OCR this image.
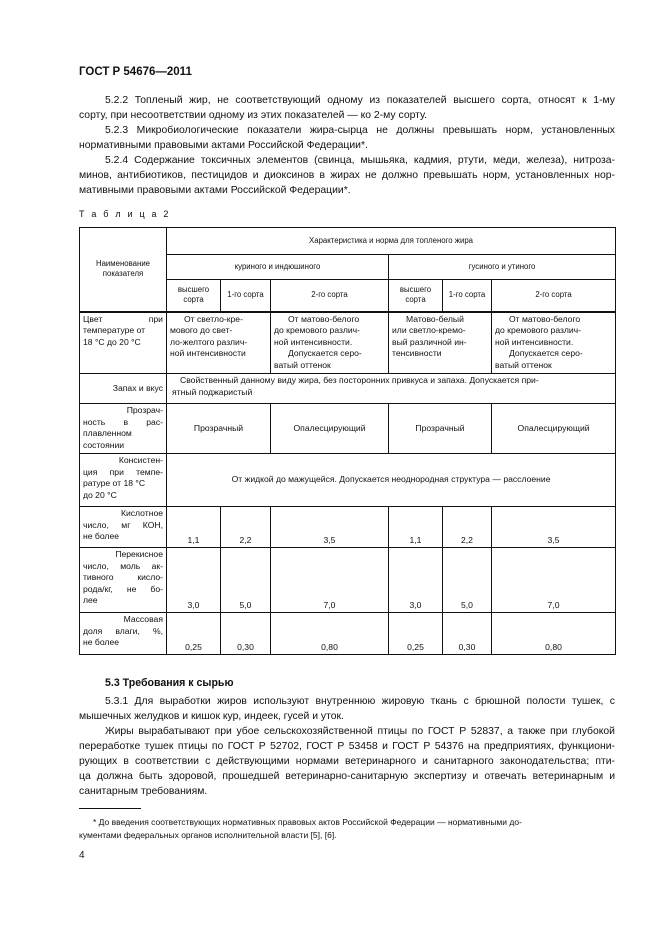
ГОСТ Р 54676—2011
5.2.2 Топленый жир, не соответствующий одному из показателей высшего сорта, относят к 1-му
сорту, при несоответствии одному из этих показателей — ко 2-му сорту.
5.2.3 Микробиологические показатели жира-сырца не должны превышать норм, установленных
нормативными правовыми актами Российской Федерации*.
5.2.4 Содержание токсичных элементов (свинца, мышьяка, кадмия, ртути, меди, железа), нитроза-
минов, антибиотиков, пестицидов и диоксинов в жирах не должно превышать норм, установленных нор-
мативными правовыми актами Российской Федерации*.
Т а б л и ц а 2
Наименование
показателя	Характеристика и норма для топленого жира					
	куриного и индюшиного			гусиного и утиного		

	высшего
сорта	1-го сорта	2-го сорта	высшего
сорта	1-го сорта	2-го сорта

Цвет при
температуре от
18 °С до 20 °С	От светло-кре-
мового до свет-
ло-желтого различ-
ной интенсивности		От матово-белого
до кремового различ-
ной интенсивности.
Допускается серо-
ватый оттенок	Матово-белый
или светло-кремо-
вый различной ин-
тенсивности		От матово-белого
до кремового различ-
ной интенсивности.
Допускается серо-
ватый оттенок

Запах и вкус	Свойственный данному виду жира, без посторонних привкуса и запаха. Допускается при-
ятный поджаристый					

Прозрач-
ность в рас-
плавленном
состоянии	Прозрачный		Опалесцирующий	Прозрачный		Опалесцирующий

Консистен-
ция при темпе-
ратуре от 18 °С
до 20 °С	От жидкой до мажущейся. Допускается неоднородная структура — расслоение					

Кислотное
число, мг КОН,
не более	1,1	2,2	3,5	1,1	2,2	3,5

Перекисное
число, моль ак-
тивного кисло-
рода/кг, не бо-
лее	3,0	5,0	7,0	3,0	5,0	7,0

Массовая
доля влаги, %,
не более	0,25	0,30	0,80	0,25	0,30	0,80
5.3 Требования к сырью
5.3.1 Для выработки жиров используют внутреннюю жировую ткань с брюшной полости тушек, с
мышечных желудков и кишок кур, индеек, гусей и уток.
Жиры вырабатывают при убое сельскохозяйственной птицы по ГОСТ Р 52837, а также при глубокой
переработке тушек птицы по ГОСТ Р 52702, ГОСТ Р 53458 и ГОСТ Р 54376 на предприятиях, функциони-
рующих в соответствии с действующими нормами ветеринарного и санитарного законодательства; пти-
ца должна быть здоровой, прошедшей ветеринарно-санитарную экспертизу и отвечать ветеринарным и
санитарным требованиям.
* До введения соответствующих нормативных правовых актов Российской Федерации — нормативными до-
кументами федеральных органов исполнительной власти [5], [6].
4
